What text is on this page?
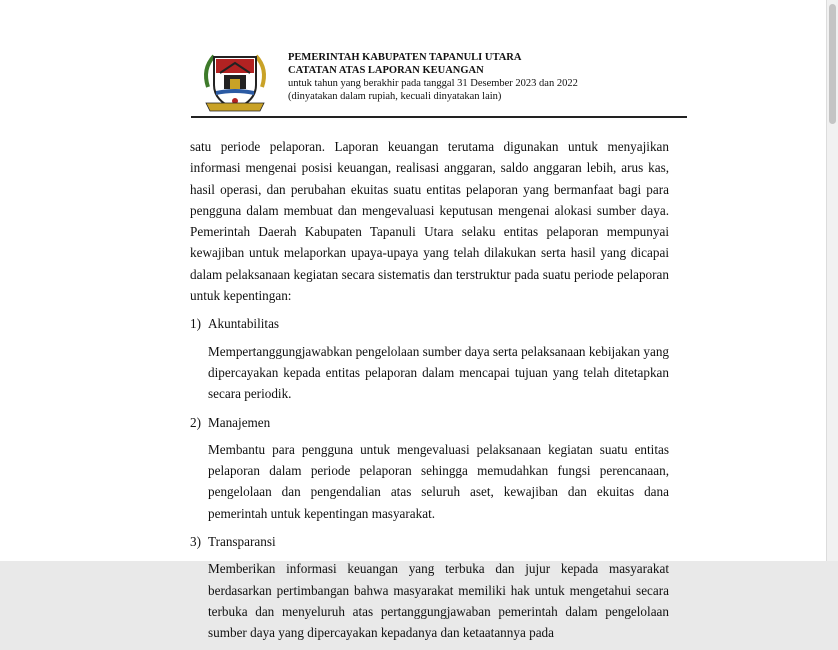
PEMERINTAH KABUPATEN TAPANULI UTARA
CATATAN ATAS LAPORAN KEUANGAN
untuk tahun yang berakhir pada tanggal 31 Desember 2023 dan 2022
(dinyatakan dalam rupiah, kecuali dinyatakan lain)

satu periode pelaporan. Laporan keuangan terutama digunakan untuk menyajikan informasi mengenai posisi keuangan, realisasi anggaran, saldo anggaran lebih, arus kas, hasil operasi, dan perubahan ekuitas suatu entitas pelaporan yang bermanfaat bagi para pengguna dalam membuat dan mengevaluasi keputusan mengenai alokasi sumber daya. Pemerintah Daerah Kabupaten Tapanuli Utara selaku entitas pelaporan mempunyai kewajiban untuk melaporkan upaya-upaya yang telah dilakukan serta hasil yang dicapai dalam pelaksanaan kegiatan secara sistematis dan terstruktur pada suatu periode pelaporan untuk kepentingan:

1) Akuntabilitas

Mempertanggungjawabkan pengelolaan sumber daya serta pelaksanaan kebijakan yang dipercayakan kepada entitas pelaporan dalam mencapai tujuan yang telah ditetapkan secara periodik.

2) Manajemen

Membantu para pengguna untuk mengevaluasi pelaksanaan kegiatan suatu entitas pelaporan dalam periode pelaporan sehingga memudahkan fungsi perencanaan, pengelolaan dan pengendalian atas seluruh aset, kewajiban dan ekuitas dana pemerintah untuk kepentingan masyarakat.

3) Transparansi

Memberikan informasi keuangan yang terbuka dan jujur kepada masyarakat berdasarkan pertimbangan bahwa masyarakat memiliki hak untuk mengetahui secara terbuka dan menyeluruh atas pertanggungjawaban pemerintah dalam pengelolaan sumber daya yang dipercayakan kepadanya dan ketaatannya pada
